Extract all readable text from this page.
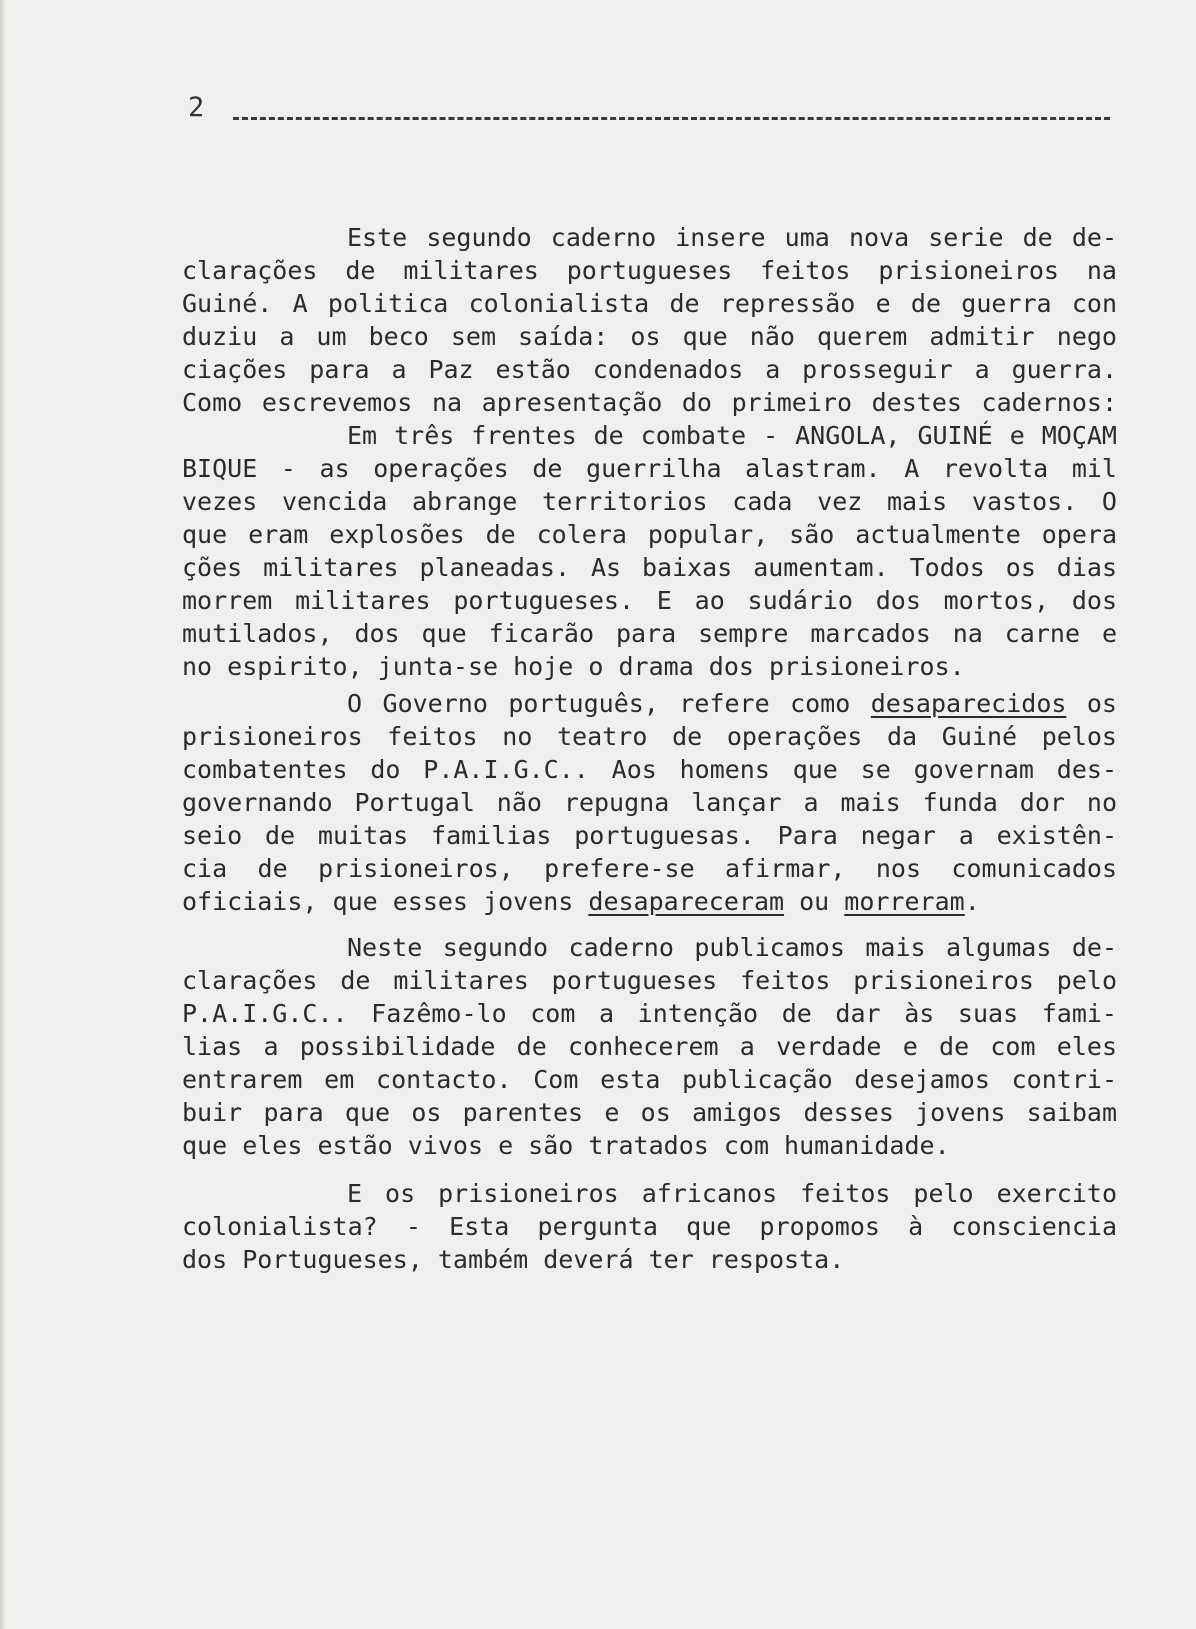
2
Este segundo caderno insere uma nova serie de de-
clarações de militares portugueses feitos prisioneiros na
Guiné. A politica colonialista de repressão e de guerra con
duziu a um beco sem saída: os que não querem admitir nego
ciações para a Paz estão condenados a prosseguir a guerra.
Como escrevemos na apresentação do primeiro destes cadernos:
Em três frentes de combate - ANGOLA, GUINÉ e MOÇAM
BIQUE - as operações de guerrilha alastram. A revolta mil
vezes vencida abrange territorios cada vez mais vastos. O
que eram explosões de colera popular, são actualmente opera
ções militares planeadas. As baixas aumentam. Todos os dias
morrem militares portugueses. E ao sudário dos mortos, dos
mutilados, dos que ficarão para sempre marcados na carne e
no espirito, junta-se hoje o drama dos prisioneiros.
O Governo português, refere como desaparecidos os
prisioneiros feitos no teatro de operações da Guiné pelos
combatentes do P.A.I.G.C.. Aos homens que se governam des-
governando Portugal não repugna lançar a mais funda dor no
seio de muitas familias portuguesas. Para negar a existên-
cia de prisioneiros, prefere-se afirmar, nos comunicados
oficiais, que esses jovens desapareceram ou morreram.
Neste segundo caderno publicamos mais algumas de-
clarações de militares portugueses feitos prisioneiros pelo
P.A.I.G.C.. Fazêmo-lo com a intenção de dar às suas fami-
lias a possibilidade de conhecerem a verdade e de com eles
entrarem em contacto. Com esta publicação desejamos contri-
buir para que os parentes e os amigos desses jovens saibam
que eles estão vivos e são tratados com humanidade.
E os prisioneiros africanos feitos pelo exercito
colonialista? - Esta pergunta que propomos à consciencia
dos Portugueses, também deverá ter resposta.
